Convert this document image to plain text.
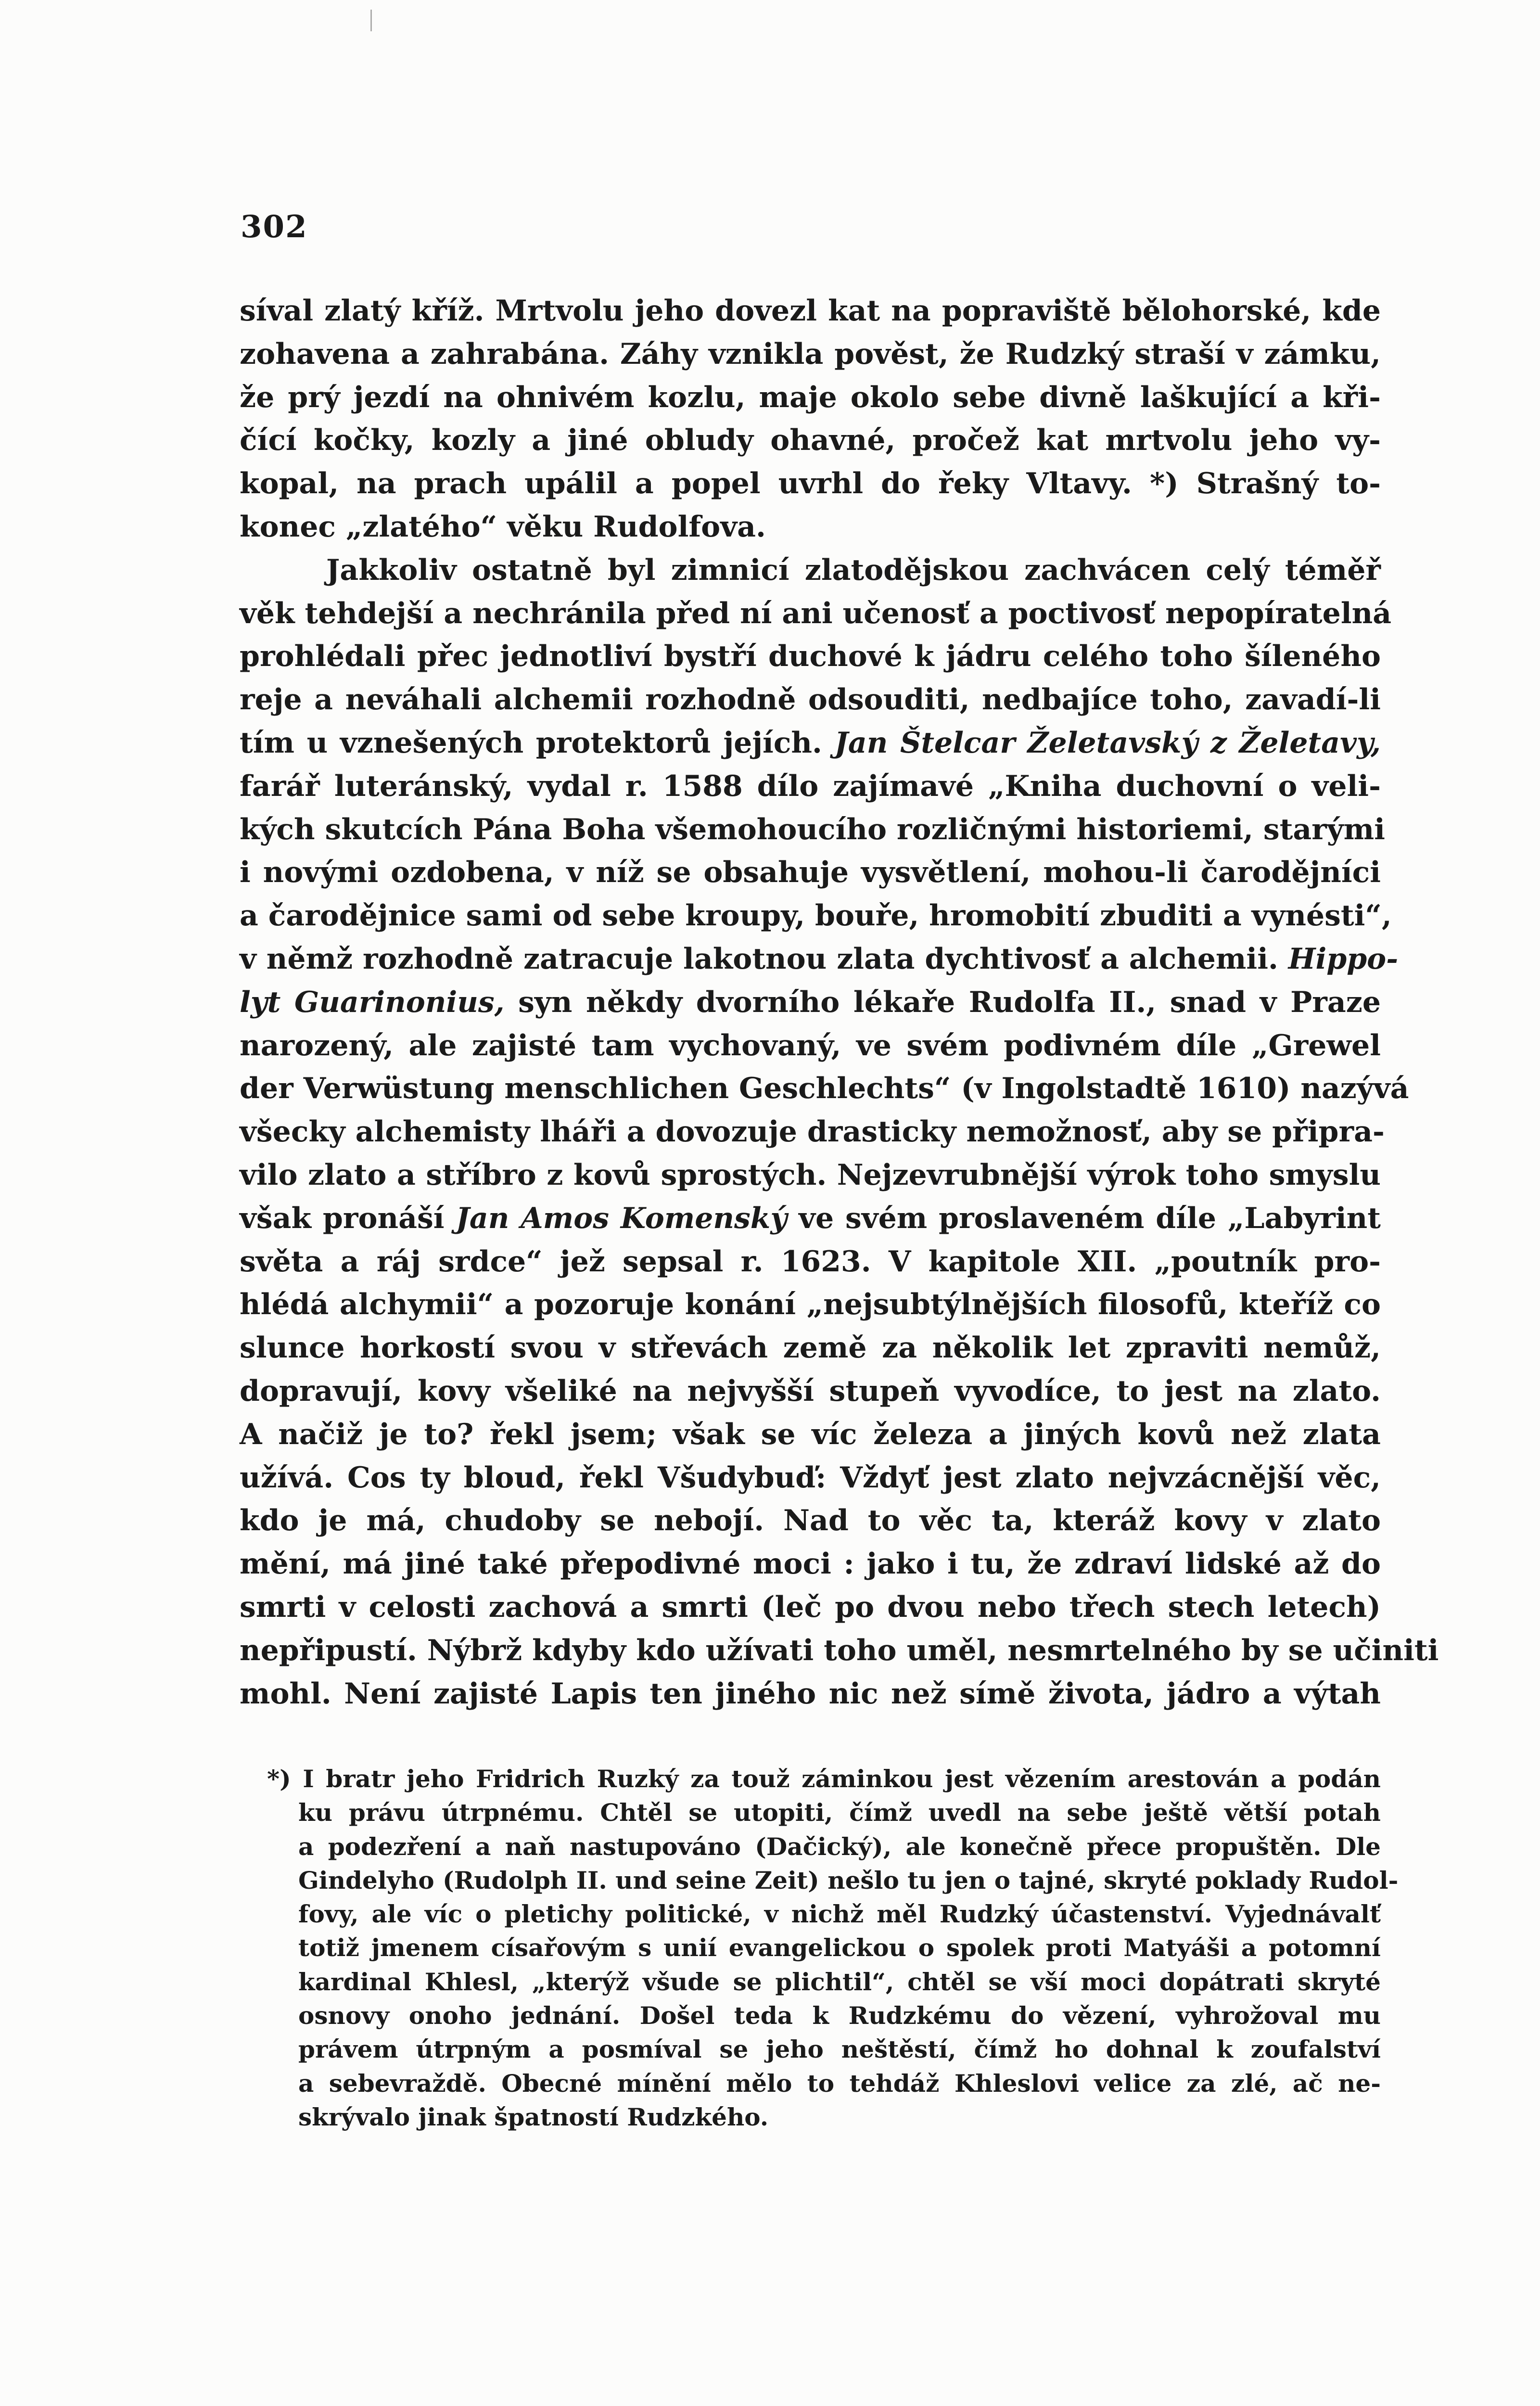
302
síval zlatý kříž. Mrtvolu jeho dovezl kat na popraviště bělohorské, kde
zohavena a zahrabána. Záhy vznikla pověst, že Rudzký straší v zámku,
že prý jezdí na ohnivém kozlu, maje okolo sebe divně laškující a kři-
čící kočky, kozly a jiné obludy ohavné, pročež kat mrtvolu jeho vy-
kopal, na prach upálil a popel uvrhl do řeky Vltavy. *) Strašný to-
konec „zlatého“ věku Rudolfova.
Jakkoliv ostatně byl zimnicí zlatodějskou zachvácen celý téměř
věk tehdejší a nechránila před ní ani učenosť a poctivosť nepopíratelná
prohlédali přec jednotliví bystří duchové k jádru celého toho šíleného
reje a neváhali alchemii rozhodně odsouditi, nedbajíce toho, zavadí-li
tím u vznešených protektorů jejích. Jan Štelcar Želetavský z Želetavy,
farář luteránský, vydal r. 1588 dílo zajímavé „Kniha duchovní o veli-
kých skutcích Pána Boha všemohoucího rozličnými historiemi, starými
i novými ozdobena, v níž se obsahuje vysvětlení, mohou-li čarodějníci
a čarodějnice sami od sebe kroupy, bouře, hromobití zbuditi a vynésti“,
v němž rozhodně zatracuje lakotnou zlata dychtivosť a alchemii. Hippo-
lyt Guarinonius, syn někdy dvorního lékaře Rudolfa II., snad v Praze
narozený, ale zajisté tam vychovaný, ve svém podivném díle „Grewel
der Verwüstung menschlichen Geschlechts“ (v Ingolstadtě 1610) nazývá
všecky alchemisty lháři a dovozuje drasticky nemožnosť, aby se připra-
vilo zlato a stříbro z kovů sprostých. Nejzevrubnější výrok toho smyslu
však pronáší Jan Amos Komenský ve svém proslaveném díle „Labyrint
světa a ráj srdce“ jež sepsal r. 1623. V kapitole XII. „poutník pro-
hlédá alchymii“ a pozoruje konání „nejsubtýlnějších filosofů, kteříž co
slunce horkostí svou v střevách země za několik let zpraviti nemůž,
dopravují, kovy všeliké na nejvyšší stupeň vyvodíce, to jest na zlato.
A načiž je to? řekl jsem; však se víc železa a jiných kovů než zlata
užívá. Cos ty bloud, řekl Všudybuď: Vždyť jest zlato nejvzácnější věc,
kdo je má, chudoby se nebojí. Nad to věc ta, kteráž kovy v zlato
mění, má jiné také přepodivné moci : jako i tu, že zdraví lidské až do
smrti v celosti zachová a smrti (leč po dvou nebo třech stech letech)
nepřipustí. Nýbrž kdyby kdo užívati toho uměl, nesmrtelného by se učiniti
mohl. Není zajisté Lapis ten jiného nic než símě života, jádro a výtah
*) I bratr jeho Fridrich Ruzký za touž záminkou jest vězením arestován a podán
ku právu útrpnému. Chtěl se utopiti, čímž uvedl na sebe ještě větší potah
a podezření a naň nastupováno (Dačický), ale konečně přece propuštěn. Dle
Gindelyho (Rudolph II. und seine Zeit) nešlo tu jen o tajné, skryté poklady Rudol-
fovy, ale víc o pletichy politické, v nichž měl Rudzký účastenství. Vyjednávalť
totiž jmenem císařovým s unií evangelickou o spolek proti Matyáši a potomní
kardinal Khlesl, „kterýž všude se plichtil“, chtěl se vší moci dopátrati skryté
osnovy onoho jednání. Došel teda k Rudzkému do vězení, vyhrožoval mu
právem útrpným a posmíval se jeho neštěstí, čímž ho dohnal k zoufalství
a sebevraždě. Obecné mínění mělo to tehdáž Khleslovi velice za zlé, ač ne-
skrývalo jinak špatností Rudzkého.
